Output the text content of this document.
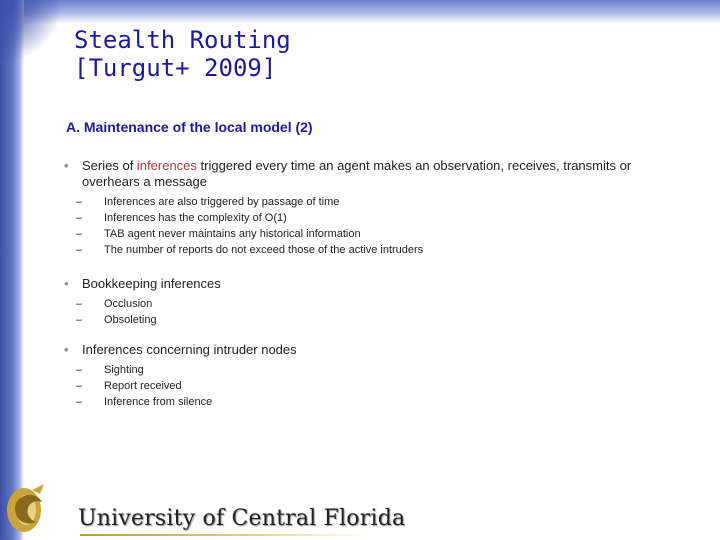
Stealth Routing
[Turgut+ 2009]
A. Maintenance of the local model (2)
• Series of inferences triggered every time an agent makes an observation, receives, transmits or overhears a message
– Inferences are also triggered by passage of time
– Inferences has the complexity of O(1)
– TAB agent never maintains any historical information
– The number of reports do not exceed those of the active intruders
• Bookkeeping inferences
– Occlusion
– Obsoleting
• Inferences concerning intruder nodes
– Sighting
– Report received
– Inference from silence
University of Central Florida
